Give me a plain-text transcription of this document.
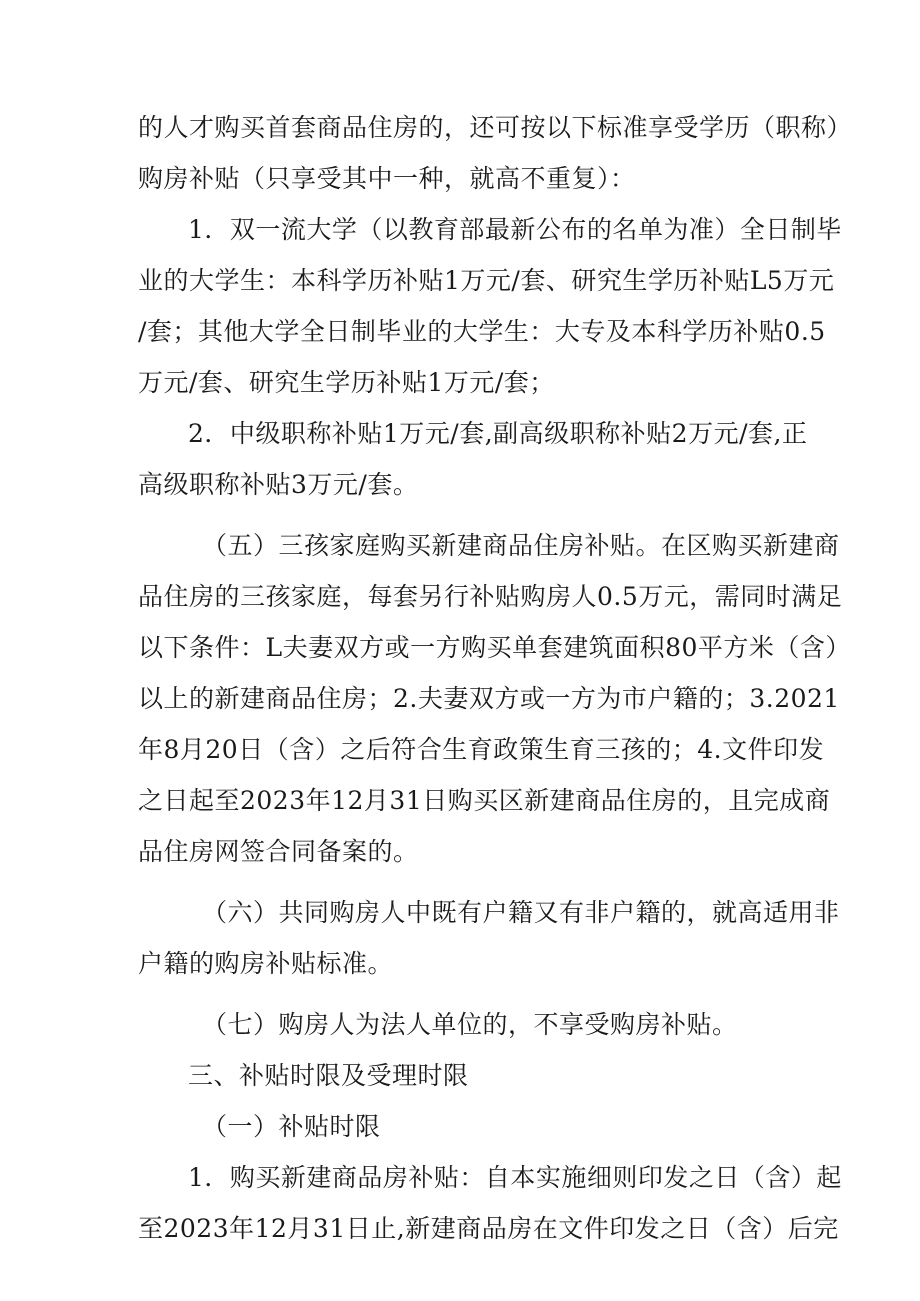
的人才购买首套商品住房的，还可按以下标准享受学历（职称）
购房补贴（只享受其中一种，就高不重复）：
1．双一流大学（以教育部最新公布的名单为准）全日制毕
业的大学生：本科学历补贴1万元/套、研究生学历补贴L5万元
/套；其他大学全日制毕业的大学生：大专及本科学历补贴0.5
万元/套、研究生学历补贴1万元/套；
2．中级职称补贴1万元/套,副高级职称补贴2万元/套,正
高级职称补贴3万元/套。
（五）三孩家庭购买新建商品住房补贴。在区购买新建商
品住房的三孩家庭，每套另行补贴购房人0.5万元，需同时满足
以下条件：L夫妻双方或一方购买单套建筑面积80平方米（含）
以上的新建商品住房；2.夫妻双方或一方为市户籍的；3.2021
年8月20日（含）之后符合生育政策生育三孩的；4.文件印发
之日起至2023年12月31日购买区新建商品住房的，且完成商
品住房网签合同备案的。
（六）共同购房人中既有户籍又有非户籍的，就高适用非
户籍的购房补贴标准。
（七）购房人为法人单位的，不享受购房补贴。
三、补贴时限及受理时限
（一）补贴时限
1．购买新建商品房补贴：自本实施细则印发之日（含）起
至2023年12月31日止,新建商品房在文件印发之日（含）后完
